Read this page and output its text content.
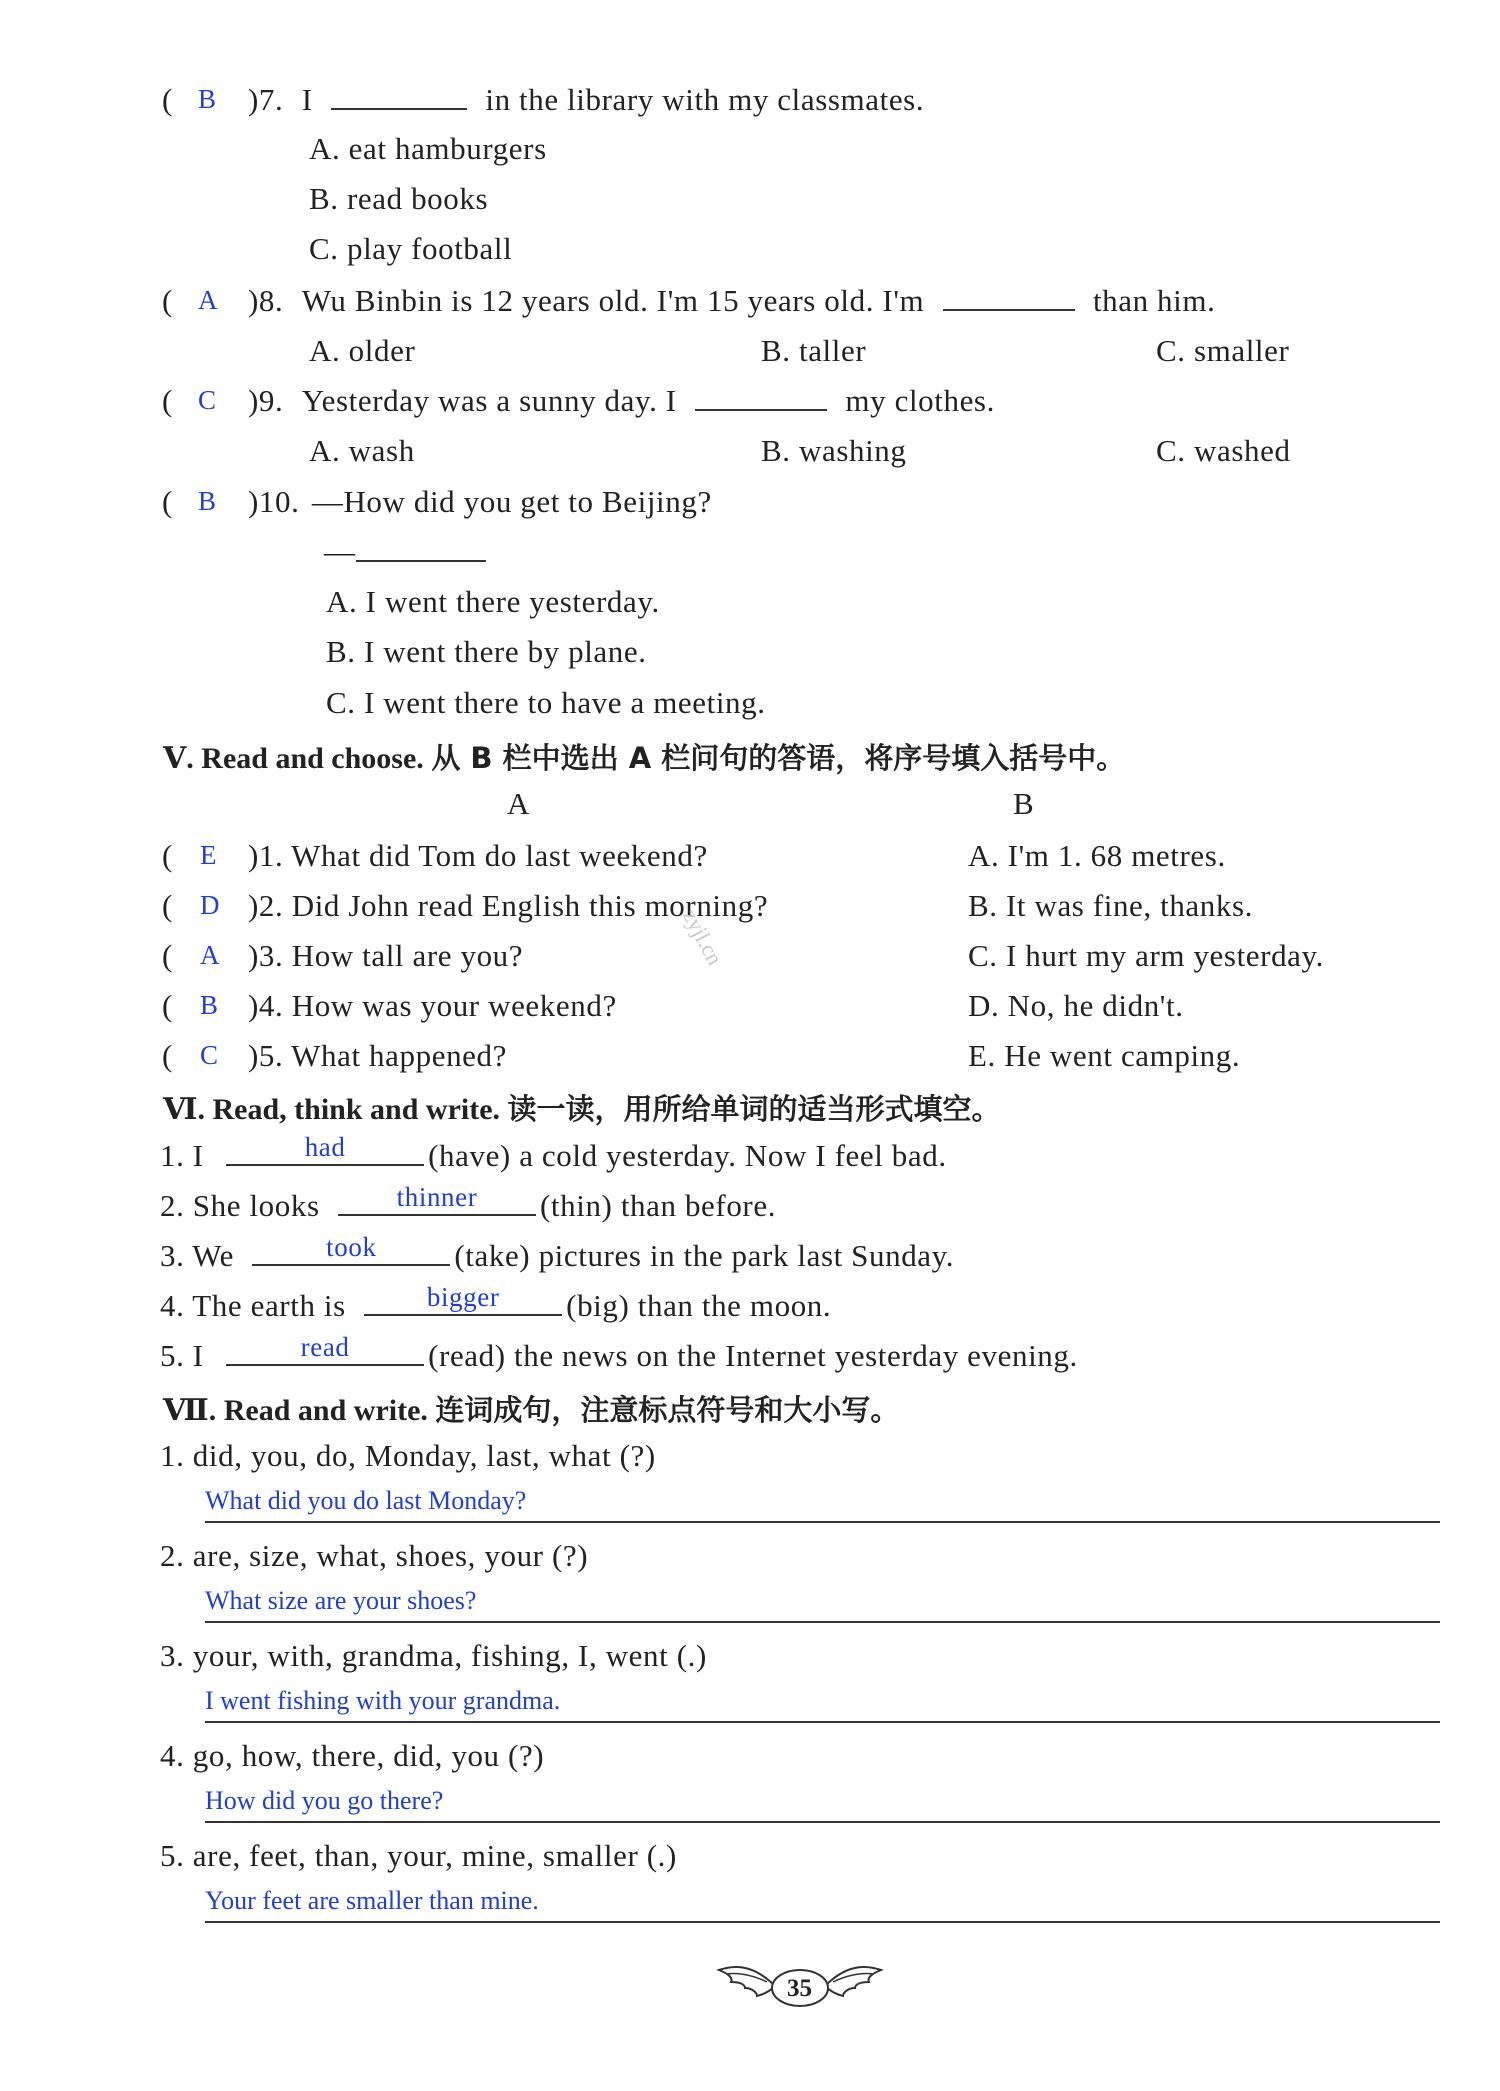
( B )7. I	in the library with my classmates.
A. eat hamburgers
B. read books
C. play football
( A )8. Wu Binbin is 12 years old. I'm 15 years old. I'm	than him.
A. older	B. taller	C. smaller
( C )9. Yesterday was a sunny day. I	my clothes.
A. wash	B. washing	C. washed
( B )10. —How did you get to Beijing?
—
A. I went there yesterday.
B. I went there by plane.
C. I went there to have a meeting.
Ⅴ. Read and choose. 从 B 栏中选出 A 栏问句的答语，将序号填入括号中。
A	B
( E )1. What did Tom do last weekend?	A. I'm 1. 68 metres.
( D )2. Did John read English this morning?	B. It was fine, thanks.
( A )3. How tall are you?	C. I hurt my arm yesterday.
( B )4. How was your weekend?	D. No, he didn't.
( C )5. What happened?	E. He went camping.
zyjl.cn
Ⅵ. Read, think and write. 读一读，用所给单词的适当形式填空。
1. I	had	(have) a cold yesterday. Now I feel bad.
2. She looks	thinner	(thin) than before.
3. We	took	(take) pictures in the park last Sunday.
4. The earth is	bigger	(big) than the moon.
5. I	read	(read) the news on the Internet yesterday evening.
Ⅶ. Read and write. 连词成句，注意标点符号和大小写。
1. did, you, do, Monday, last, what (?)
What did you do last Monday?
2. are, size, what, shoes, your (?)
What size are your shoes?
3. your, with, grandma, fishing, I, went (.)
I went fishing with your grandma.
4. go, how, there, did, you (?)
How did you go there?
5. are, feet, than, your, mine, smaller (.)
Your feet are smaller than mine.
35
